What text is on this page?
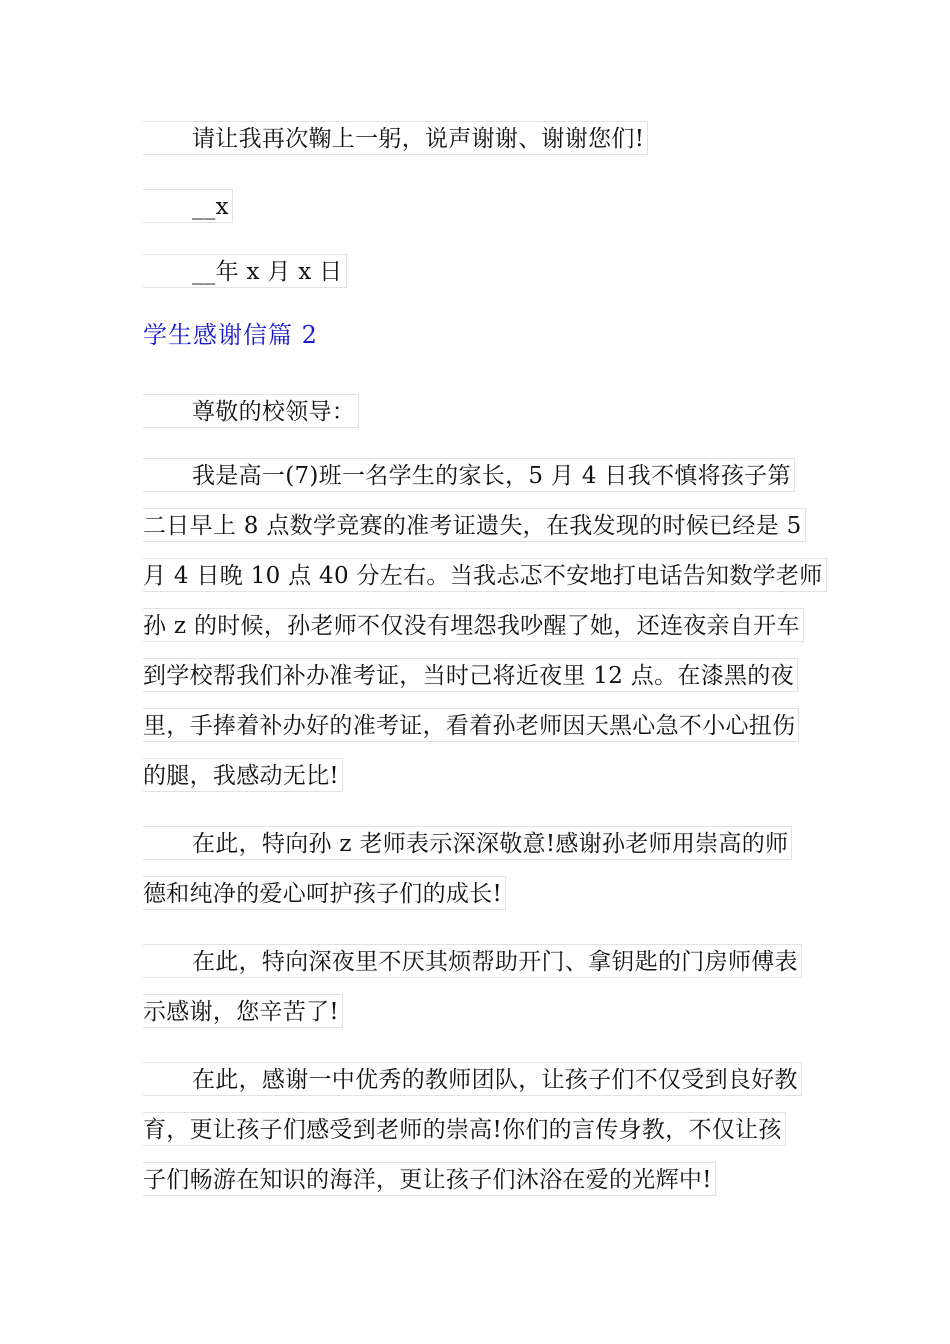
请让我再次鞠上一躬，说声谢谢、谢谢您们!
__x
__年 x 月 x 日
学生感谢信篇 2
尊敬的校领导：
我是高一(7)班一名学生的家长，5 月 4 日我不慎将孩子第
二日早上 8 点数学竞赛的准考证遗失，在我发现的时候已经是 5
月 4 日晚 10 点 40 分左右。当我忐忑不安地打电话告知数学老师
孙 z 的时候，孙老师不仅没有埋怨我吵醒了她，还连夜亲自开车
到学校帮我们补办准考证，当时己将近夜里 12 点。在漆黑的夜
里，手捧着补办好的准考证，看着孙老师因天黑心急不小心扭伤
的腿，我感动无比!
在此，特向孙 z 老师表示深深敬意!感谢孙老师用崇高的师
德和纯净的爱心呵护孩子们的成长!
在此，特向深夜里不厌其烦帮助开门、拿钥匙的门房师傅表
示感谢，您辛苦了!
在此，感谢一中优秀的教师团队，让孩子们不仅受到良好教
育，更让孩子们感受到老师的崇高!你们的言传身教，不仅让孩
子们畅游在知识的海洋，更让孩子们沐浴在爱的光辉中!
